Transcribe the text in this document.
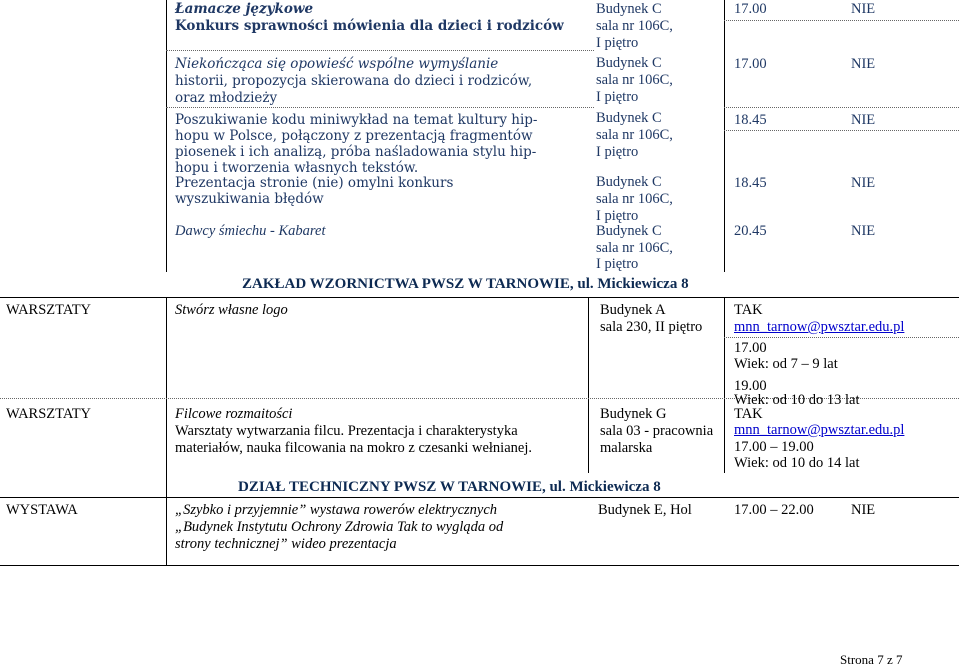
Łamacze językowe
Konkurs sprawności mówienia dla dzieci i rodziców
Budynek C
sala nr 106C,
I piętro
17.00	NIE
Niekończąca się opowieść wspólne wymyślanie
historii, propozycja skierowana do dzieci i rodziców,
oraz młodzieży
Budynek C
sala nr 106C,
I piętro
17.00	NIE
Poszukiwanie kodu miniwykład na temat kultury hip-
hopu w Polsce, połączony z prezentacją fragmentów
piosenek i ich analizą, próba naśladowania stylu hip-
hopu i tworzenia własnych tekstów.
Budynek C
sala nr 106C,
I piętro
18.45	NIE
Prezentacja stronie (nie) omylni konkurs
wyszukiwania błędów
Budynek C
sala nr 106C,
I piętro
18.45	NIE
Dawcy śmiechu - Kabaret	Budynek C
sala nr 106C,
I piętro
20.45	NIE
ZAKŁAD WZORNICTWA PWSZ W TARNOWIE, ul. Mickiewicza 8
WARSZTATY	Stwórz własne logo	Budynek A
sala 230, II piętro
TAK
mnn_tarnow@pwsztar.edu.pl
17.00
Wiek: od 7 – 9 lat
19.00
Wiek: od 10 do 13 lat
WARSZTATY	Filcowe rozmaitości
Warsztaty wytwarzania filcu. Prezentacja i charakterystyka
materiałów, nauka filcowania na mokro z czesanki wełnianej.
Budynek G
sala 03 - pracownia
malarska
TAK
mnn_tarnow@pwsztar.edu.pl
17.00 – 19.00
Wiek: od 10 do 14 lat
DZIAŁ TECHNICZNY PWSZ W TARNOWIE, ul. Mickiewicza 8
WYSTAWA	„Szybko i przyjemnie” wystawa rowerów elektrycznych
„Budynek Instytutu Ochrony Zdrowia Tak to wygląda od
strony technicznej” wideo prezentacja
Budynek E, Hol	17.00 – 22.00	NIE
Strona 7 z 7
